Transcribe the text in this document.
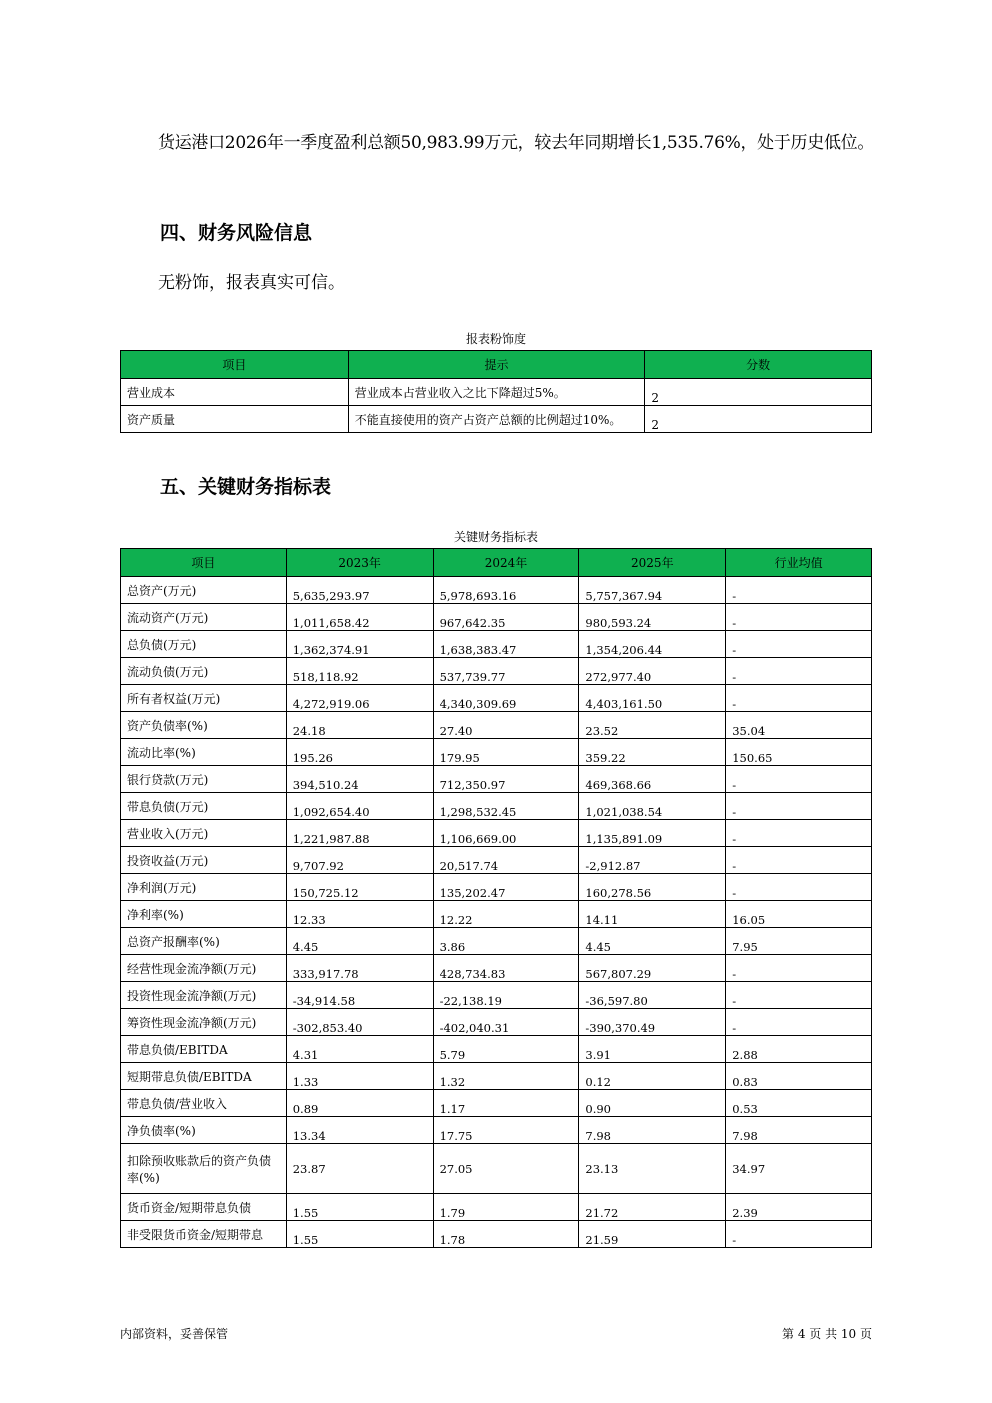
货运港口2026年一季度盈利总额50,983.99万元，较去年同期增长1,535.76%，处于历史低位。
四、财务风险信息
无粉饰，报表真实可信。
报表粉饰度
项目	提示	分数
营业成本	营业成本占营业收入之比下降超过5%。	2
资产质量	不能直接使用的资产占资产总额的比例超过10%。	2
五、关键财务指标表
关键财务指标表
项目	2023年	2024年	2025年	行业均值
总资产(万元)	5,635,293.97	5,978,693.16	5,757,367.94	-
流动资产(万元)	1,011,658.42	967,642.35	980,593.24	-
总负债(万元)	1,362,374.91	1,638,383.47	1,354,206.44	-
流动负债(万元)	518,118.92	537,739.77	272,977.40	-
所有者权益(万元)	4,272,919.06	4,340,309.69	4,403,161.50	-
资产负债率(%)	24.18	27.40	23.52	35.04
流动比率(%)	195.26	179.95	359.22	150.65
银行贷款(万元)	394,510.24	712,350.97	469,368.66	-
带息负债(万元)	1,092,654.40	1,298,532.45	1,021,038.54	-
营业收入(万元)	1,221,987.88	1,106,669.00	1,135,891.09	-
投资收益(万元)	9,707.92	20,517.74	-2,912.87	-
净利润(万元)	150,725.12	135,202.47	160,278.56	-
净利率(%)	12.33	12.22	14.11	16.05
总资产报酬率(%)	4.45	3.86	4.45	7.95
经营性现金流净额(万元)	333,917.78	428,734.83	567,807.29	-
投资性现金流净额(万元)	-34,914.58	-22,138.19	-36,597.80	-
筹资性现金流净额(万元)	-302,853.40	-402,040.31	-390,370.49	-
带息负债/EBITDA	4.31	5.79	3.91	2.88
短期带息负债/EBITDA	1.33	1.32	0.12	0.83
带息负债/营业收入	0.89	1.17	0.90	0.53
净负债率(%)	13.34	17.75	7.98	7.98
扣除预收账款后的资产负债率(%)	23.87	27.05	23.13	34.97
货币资金/短期带息负债	1.55	1.79	21.72	2.39
非受限货币资金/短期带息	1.55	1.78	21.59	-
内部资料，妥善保管	第 4 页 共 10 页
